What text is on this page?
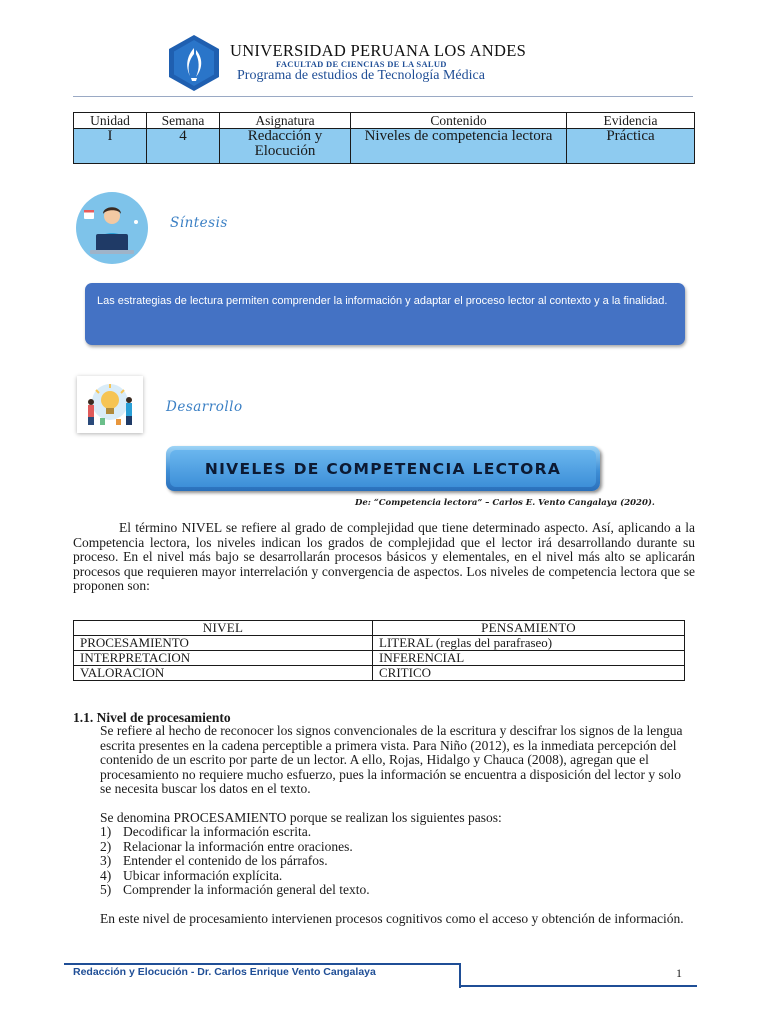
UNIVERSIDAD PERUANA LOS ANDES
FACULTAD DE CIENCIAS DE LA SALUD
Programa de estudios de Tecnología Médica
Unidad	Semana	Asignatura	Contenido	Evidencia
I	4	Redacción y Elocución	Niveles de competencia lectora	Práctica
Síntesis

Las estrategias de lectura permiten comprender la información y adaptar el proceso lector al contexto y a la finalidad.

Desarrollo
NIVELES DE COMPETENCIA LECTORA
De: “Competencia lectora” – Carlos E. Vento Cangalaya (2020).
El término NIVEL se refiere al grado de complejidad que tiene determinado aspecto. Así, aplicando a la Competencia lectora, los niveles indican los grados de complejidad que el lector irá desarrollando durante su proceso. En el nivel más bajo se desarrollarán procesos básicos y elementales, en el nivel más alto se aplicarán procesos que requieren mayor interrelación y convergencia de aspectos. Los niveles de competencia lectora que se proponen son:
NIVEL	PENSAMIENTO
PROCESAMIENTO	LITERAL (reglas del parafraseo)
INTERPRETACION	INFERENCIAL
VALORACION	CRITICO
1.1. Nivel de procesamiento

Se refiere al hecho de reconocer los signos convencionales de la escritura y descifrar los signos de la lengua escrita presentes en la cadena perceptible a primera vista. Para Niño (2012), es la inmediata percepción del contenido de un escrito por parte de un lector. A ello, Rojas, Hidalgo y Chauca (2008), agregan que el procesamiento no requiere mucho esfuerzo, pues la información se encuentra a disposición del lector y solo se necesita buscar los datos en el texto.

Se denomina PROCESAMIENTO porque se realizan los siguientes pasos:

1) Decodificar la información escrita.
2) Relacionar la información entre oraciones.
3) Entender el contenido de los párrafos.
4) Ubicar información explícita.
5) Comprender la información general del texto.

En este nivel de procesamiento intervienen procesos cognitivos como el acceso y obtención de información.

Redacción y Elocución - Dr. Carlos Enrique Vento Cangalaya	1
